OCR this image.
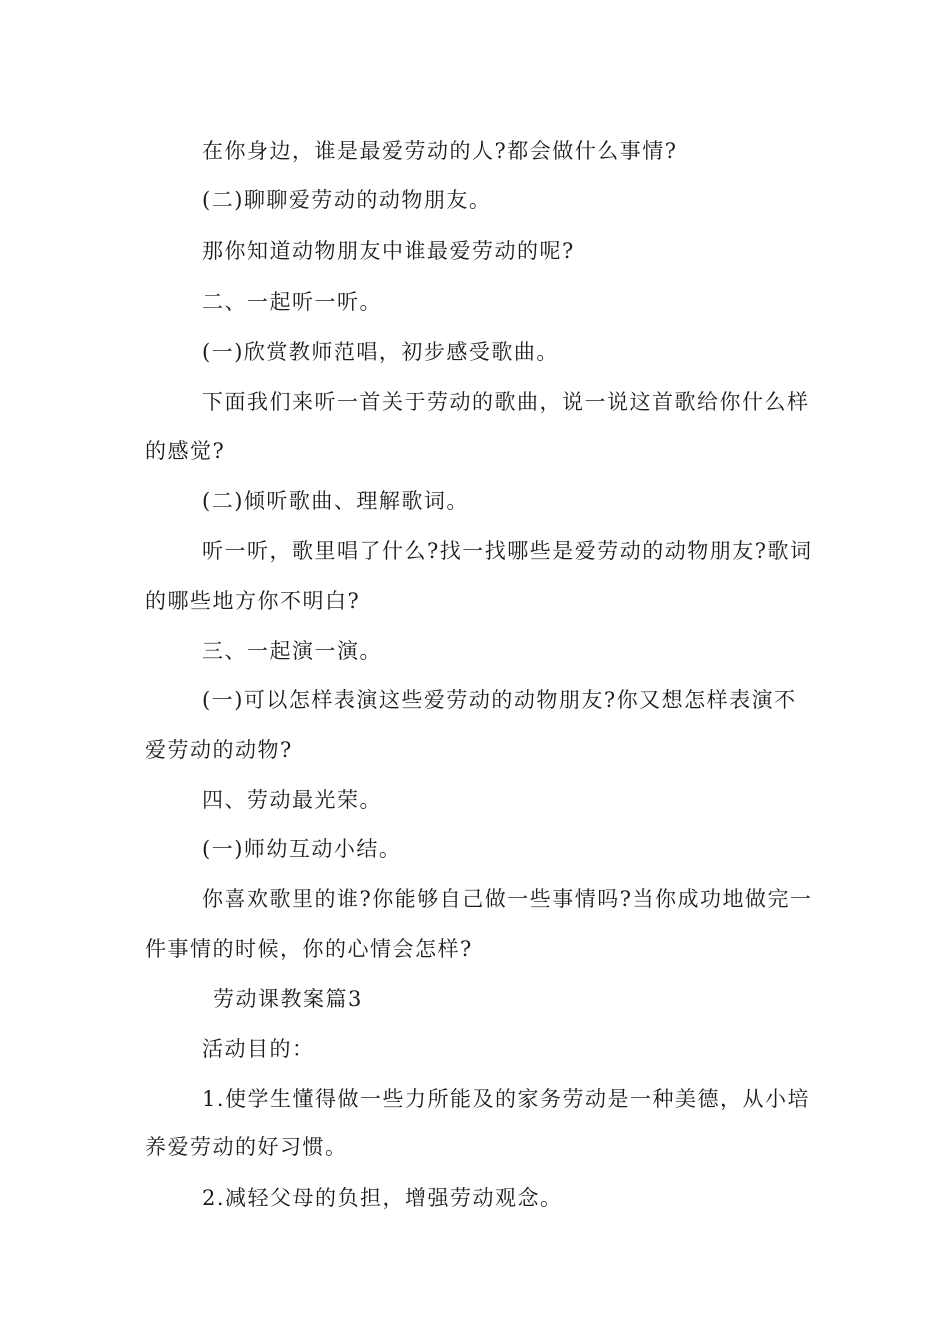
在你身边，谁是最爱劳动的人?都会做什么事情?

(二)聊聊爱劳动的动物朋友。

那你知道动物朋友中谁最爱劳动的呢?

二、一起听一听。

(一)欣赏教师范唱，初步感受歌曲。

下面我们来听一首关于劳动的歌曲，说一说这首歌给你什么样

的感觉?

(二)倾听歌曲、理解歌词。

听一听，歌里唱了什么?找一找哪些是爱劳动的动物朋友?歌词

的哪些地方你不明白?

三、一起演一演。

(一)可以怎样表演这些爱劳动的动物朋友?你又想怎样表演不

爱劳动的动物?

四、劳动最光荣。

(一)师幼互动小结。

你喜欢歌里的谁?你能够自己做一些事情吗?当你成功地做完一

件事情的时候，你的心情会怎样?

劳动课教案篇3

活动目的：

1.使学生懂得做一些力所能及的家务劳动是一种美德，从小培

养爱劳动的好习惯。

2.减轻父母的负担，增强劳动观念。
